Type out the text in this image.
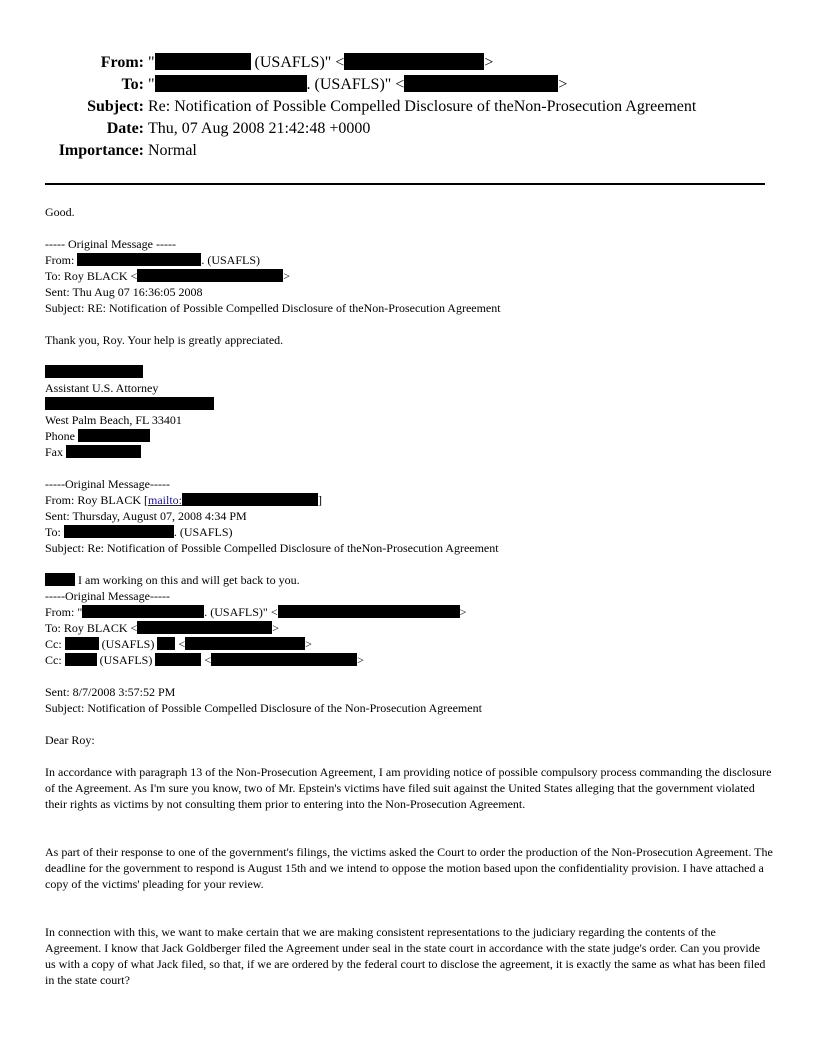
From: "	(USAFLS)" <	>
To: "	. (USAFLS)" <	>
Subject: Re: Notification of Possible Compelled Disclosure of theNon-Prosecution Agreement
Date: Thu, 07 Aug 2008 21:42:48 +0000
Importance: Normal
Good.
----- Original Message -----
From:	. (USAFLS)
To: Roy BLACK <	>
Sent: Thu Aug 07 16:36:05 2008
Subject: RE: Notification of Possible Compelled Disclosure of theNon-Prosecution Agreement
Thank you, Roy. Your help is greatly appreciated.
Assistant U.S. Attorney
West Palm Beach, FL 33401
Phone
Fax
-----Original Message-----
From: Roy BLACK [mailto:	]
Sent: Thursday, August 07, 2008 4:34 PM
To:	. (USAFLS)
Subject: Re: Notification of Possible Compelled Disclosure of theNon-Prosecution Agreement
I am working on this and will get back to you.
-----Original Message-----
From: "	. (USAFLS)" <	>
To: Roy BLACK <	>
Cc:	(USAFLS)  <	>
Cc:	(USAFLS)	<	>
Sent: 8/7/2008 3:57:52 PM
Subject: Notification of Possible Compelled Disclosure of the Non-Prosecution Agreement
Dear Roy:
In accordance with paragraph 13 of the Non-Prosecution Agreement, I am providing notice of possible compulsory process commanding the disclosure of the Agreement. As I'm sure you know, two of Mr. Epstein's victims have filed suit against the United States alleging that the government violated their rights as victims by not consulting them prior to entering into the Non-Prosecution Agreement.
As part of their response to one of the government's filings, the victims asked the Court to order the production of the Non-Prosecution Agreement. The deadline for the government to respond is August 15th and we intend to oppose the motion based upon the confidentiality provision. I have attached a copy of the victims' pleading for your review.
In connection with this, we want to make certain that we are making consistent representations to the judiciary regarding the contents of the Agreement. I know that Jack Goldberger filed the Agreement under seal in the state court in accordance with the state judge's order. Can you provide us with a copy of what Jack filed, so that, if we are ordered by the federal court to disclose the agreement, it is exactly the same as what has been filed in the state court?
